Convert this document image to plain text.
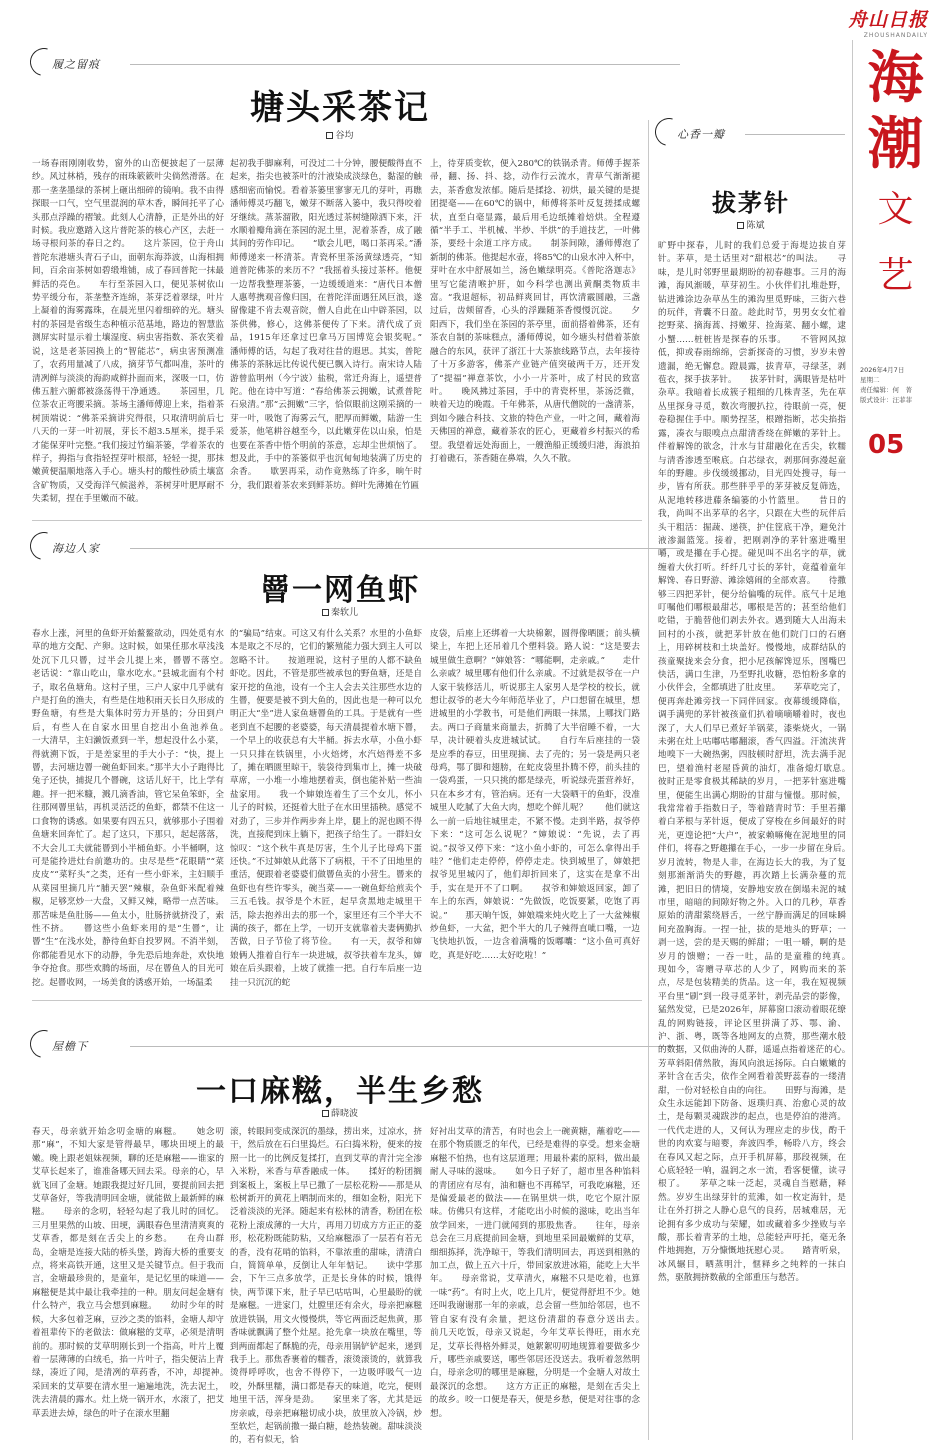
舟山日报
ZHOUSHANDAILY
海
潮
文
艺
2026年4月7日
星期二
责任编辑：何　菁
版式设计：汪菲菲
05
履之留痕
塘头采茶记
谷均
一场春雨刚刚收势，窗外的山峦便披起了一层薄纱。风过林梢，残存的雨珠簌簌叶尖倘然滑落。在那一垄垄墨绿的茶树上砸出细碎的镜响。我不由得探眼一口气，空气里混润的草木香，瞬间托平了心头那点浮躁的褶皱。此刻人心清静，正是外出的好时候。我应邀踏入这片普陀茶的核心产区，去赶一场寻根问茶的春日之约。　　这片茶园，位于舟山普陀东港塘头青石子山，面朝东海莽波，山海相拥间，百余亩茶树如碧缎堆铺，成了春回普陀一抹最鲜活的亮色。　　车行至茶园入口，便见茶树依山势平缓分布，茶垄整齐连绵，茶芽泛着翠绿，叶片上凝着的海雾露珠，在晨光里闪着细碎的光。塘头村的茶园是省级生态种植示范基地，路边的智慧监测屏实时显示着土壤湿度、病虫害指数、茶农笑着说，这是老茶园换上的“智能芯”，病虫害预测准了，农药用量减了八成，摘芽节气都叫准，茶叶的清冽鲜与淡淡的海韵咸鲜扑面而来，深吸一口，仿佛五脏六腑都被涤荡得干净通透。　　茶园里，几位茶农正弯腰采摘。茶场主潘师傅迎上来，指着茶树顶端说：“佛茶采摘讲究得很，只取清明前后七八天的一芽一叶初展，芽长不超3.5厘米，提手采才能保芽叶完整。”我们接过竹编茶篓，学着茶农的样子，拇指与食指轻捏芽叶根部，轻轻一提，那抹嫩黄便温顺地落入手心。塘头村的酸性砂质土壤富含矿物质，又受海洋气候滋养，茶树芽叶肥厚耐不失柔韧，捏在手里嫩而不破。
起初我手脚麻利，可没过二十分钟，腰便酸得直不起来，指尖也被茶叶的汁液染成淡绿色，黏湿的触感细密而愉悦。看着茶篓里寥寥无几的芽叶，再瞧潘师傅灵巧翻飞，嫩芽不断落入篓中，我只得咬着牙继续。蒸茶溜散，阳光透过茶树缝隙洒下来，汗水顺着瓣角滴在茶园的泥土里，泥着茶香，成了融其间的劳作印记。　　“歇会儿吧，喝口茶再采。”潘师傅递来一杯清茶。青瓷杯里茶汤黄绿透亮，“知道普陀佛茶的来历不？”我摇着头接过茶杯。他便一边帮我整理茶篓，一边缓缓道来：“唐代日本僧人惠萼携观音像归国，在普陀洋面遇狂风巨浪，遂留像建不肯去观音院，僧人自此在山中辟茶园，以茶供佛，修心，这佛茶便传了下来。清代成了贡品，1915年还拿过巴拿马万国博览会银奖呢。”　　潘师傅的话，勾起了我对往昔的遐思。其实，普陀佛茶的茶脉远比传说代便已飘入诗行。南宋诗人陆游曾监明州（今宁波）盐税，常迁舟海上，遥望普陀。他在诗中写道：“春给佛茶云拥嫩，试煮普陀石泉清。”那“云拥嫩”三字，恰似眼前这刚采摘的一芽一叶，吸饱了海雾云气，肥厚而鲜嫩，陆游一生爱茶，他笔耕谷越至今，以此嫩芽佐以山泉，怕是也要在茶香中悟个明前的茶意，忘却尘世烦恼了。想及此，手中的茶篓似乎也沉甸甸地装满了历史的余香。　　歇罢再采，动作竟熟练了许多，晌午时分，我们跟着茶农来到鲜茶坊。鲜叶先薄摊在竹匾
上，待芽质变软，便入280℃的铁锅杀青。师傅手握茶帚，翻、扬、抖、捻，动作行云流水，青草气渐渐褪去，茶香愈发浓郁。随后是揉捻、初烘，最关键的是提团提毫——在60℃的锅中，师傅将茶叶反复搓揉成螺状，直至白毫显露，最后用毛边纸摊着焙烘。全程遵循“半手工、半机械、半炒、半烘”的手道技艺，一叶佛茶，要经十余道工序方成。　　制茶间隙，潘师傅泡了新制的佛茶。他提起水壶，将85℃的山泉水冲入杯中，芽叶在水中舒展如兰，汤色嫩绿明亮。《普陀洛迦志》里写它能清喉护肝，如今科学也测出黄酮类物质丰富。“我退超标，初品鲜爽回甘，再饮清霰圆融，三盏过后，齿颊留香，心头的浮躁随茶香慢慢沉淀。　　夕阳西下，我们坐在茶园的茶亭里，面前搭着佛茶，还有茶农自制的茶味糕点，潘师傅说，如今塘头村借着茶旅融合的东风，获评了浙江十大茶旅线路节点，去年接待了十万多游客，佛茶产业链产值突破两千万，还开发了“提福”禅意茶饮，小小一片茶叶，成了村民的致富叶。　　晚风拂过茶园，手中的青瓷杯里，茶汤泛微，映着天边的晚霞。千年佛茶，从唐代僧院的一盏清茶，到如今融合科技、文旅的特色产业，一叶之间，藏着海天佛国的禅意，藏着茶农的匠心，更藏着乡村振兴的希望。我望着远处海面上，一艘渔船正缓缓归港，海浪拍打着礁石，茶香随在鼻端，久久不散。
海边人家
罾一网鱼虾
秦软儿
春水上涨，河里的鱼虾开始鳌鳌欲动，四处觅有水草的地方交配、产卵。这时候，如果任那水草浅浅处沉下几只罾，过半会儿提上来，罾罾不落空。　　老话说：“靠山吃山，靠水吃水。”县城北面有个村子，取名鱼塘角。这村子里，三户人家中几乎就有户是打鱼的渔夫，有些是住地积雨天长日久形成的野鱼塘，有些是大集体时劳力开垦的；分田到户后，有些人在自家水田里自挖出小鱼池养鱼。　　一大清早，主妇濑饭煮到一半，想起没什么小菜，得就溯下饭，于是差家里的手大小子：“快，提上罾，去河塘边罾一碗鱼虾回来。”那半大小子跑得比兔子还快，捕捉几个罾碗，这话儿好干，比上学有趣。抨一把米糠，溅几滴香油，管它呆鱼笨虾，全往那网罾里钻，再机灵活泛的鱼虾，都禁不住这一口食物的诱惑。如果要有四五只，就够那小子围着鱼塘来回奔忙了。起了这只，下那只，起起落落，不大会儿工夫就能罾到小半桶鱼虾。小半桶啊，这可是能拎进灶台前邀功的。虫尽是些“花眼睛”“菜皮皮”“菜籽头”之类，还有一些小虾米，主妇顺手从菜园里摘几片“脯天罢”辣椒，杂鱼虾米配着辣椒，足够烹炒一大盘，又鲜又辣，略带一点苦味。那苦味是鱼肚肠——鱼太小，肚肠挤就挤没了，索性不挤。　　罾这些小鱼虾来用的是“生罾”，让罾“生”在浅水处，静待鱼虾自投罗网。不消半刻，你都能看见水下的动静，争先恐后地奔赴，欢快地争夺抢食。那些欢腾的场面，尽在罾鱼人的目光可挖。起罾收网，一场美食的诱惑开始，一场温柔
的“骗局”结束。可这又有什么关系？水里的小鱼虾本是取之不尽的，它们的繁殖能力强大到主人可以忽略不计。　　按道理说，这村子里的人都不缺鱼虾吃。因此，不管是那些被承包的野鱼塘，还是自家开挖的鱼池，设有一个主人会去关注那些水边的生罾，便要是被不到大鱼的，因此也是一种可以允明正大“坐”进人家鱼塘罾鱼的工具。于是就有一些老到直不起腰的老婆婆，每天清晨提着水塘下罾，一个早上的收获总有大半桶。拆去水草，小鱼小虾一只只排在铁锅里，小火焙烤，水汽焙得差不多了，摊在晒匮里晾干，装袋待到集市上，摊一块破草席，一小堆一小堆地摆着卖，倒也能补贴一些油盐家用。　　我一个婶娘连着生了三个女儿，怀小儿子的时候，还挺着大肚子在水田里插秧。感觉不对劲了，三步并作两步奔上岸，腿上的泥也顾不得洗，直接爬到床上躺下，把孩子给生了。一群妇女惊叹：“这个秋牛真是厉害，生个儿子比母鸡下蛋还快。”不过婶娘从此落下了病根，干不了田地里的重活，便跟着老婆婆们做罾鱼卖的小营生。罾来的鱼虾也有些许零头，碗当菜——一碗鱼虾给煎卖个三五毛钱。叔爷是个木匠，起早贪黑地走城里干活，除去抱养出去的那一个，家里还有三个半大不满的孩子，都在上学，一切开支就靠着夫妻俩勤扒苦做，日子节俭了将节俭。　　有一天，叔爷和婶娘俩人推着自行车一块进城，叔爷扶着车龙头，婶娘在后头跟着，上坡了就推一把。自行车后座一边挂一只沉沉的蛇
皮袋，后座上还绑着一大块棉絮，圆得像晒匮；前头横梁上，车把上还吊着几个塑料袋。路人说：“这是要去城里做生意啊？”婶娘答：“哪能啊，走亲戚。”　　走什么亲戚？城里哪有他们什么亲戚。不过就是叔爷在一户人家干装修活儿，听说那主人家男人是学校的校长，就想让叔爷的老大今年师范毕业了，户口想留在城里，想进城里的小学教书，可是他们两眼一抹黑，上哪找门路去。两口子商量来商量去，折腾了大半宿睡不着，一大早，决计硬着头皮进城试试。　　自行车后座挂的一袋是应季的春豆，田里现摘、去了壳的；另一袋是两只老母鸡，鄂了脚和翅膀，在蛇皮袋里扑腾不停，前头挂的一袋鸡蛋，一只只挑的都是绿壳，听说绿壳蛋营养好，只在本乡才有，管治病。还有一大袋晒干的鱼虾，没准城里人吃腻了大鱼大肉，想吃个鲜儿呢？　　他们就这么一前一后地往城里走，不紧不慢。走到半路，叔爷停下来：“这可怎么说呢？”婶娘说：“先说，去了再说。”叔爷又停下来：“这小鱼小虾的，可怎么拿得出手哇？”他们走走停停，停停走走。快到城里了，婶娘把叔爷见里城闪了，他们却折回来了，这实在是拿不出手，实在是开不了口啊。　　叔爷和婶娘返回家，卸了车上的东西，婶娘说：“先做饭，吃饭要紧，吃饱了再说。”　　那天晌午饭，婶娘端来炖火吃上了一大盆辣椒炒鱼虾，一大盆，把个半大的几子辣得直呲口嘴，一边飞快地扒饭，一边含着满嘴的饭嘟囔：“这小鱼可真好吃，真是好吃……太好吃啦！”
屋檐下
一口麻糍，半生乡愁
薛晓波
春天，母亲就开始念叨金塘的麻糍。　　她念叨那“麻”，不知大家是管得最早，哪块田埂上的最嫩。晚上跟老姐妹视频，聊的还是麻糍——谁家的艾草长起来了，谁准备哪天回去采。母亲的心，早就飞回了金塘。她跟我提过好几回，要提前回去把艾草备好，等我清明回金塘，就能做上最新鲜的麻糍。　　母亲的念叨，轻轻勾起了我儿时的回忆。三月里果然的山坡、田埂，满眼春色里清清爽爽的艾草香，都是刻在舌尖上的乡愁。　　在舟山群岛，金塘是连接大陆的桥头堡，跨海大桥的重要支点，将来高铁开通，这里又是关键节点。但于我而言，金塘最珍贵的，是童年，是记忆里的味道——麻糍便是其中最让我牵挂的一种。朋友问起金塘有什么特产，我立马会想到麻糍。　　幼时少年的时候，大多包着芝麻，豆沙之类的馅料，金塘人却守着祖辈传下的老做法：做麻糍的艾草，必须是清明前的。那时候的艾草明刚长到一个指高，叶片上覆着一层薄薄的白绒毛，掐一片叶子，指尖便沾上青绿，凑近了闻，是清冽的草药香，不冲，却提神。　　采回来的艾草要在清水里一遍遍地洗，洗去泥土，洗去清晨的露水。灶上烧一锅开水，水滚了，把艾草丢进去焯，绿色的叶子在滚水里翻
滚，转眼间变成深沉的墨绿，捞出来，过凉水，挤干，然后放在石臼里捣烂。石臼捣米粉，便来的按照一比一的比例反复揉打，直到艾草的青汁完全渗入米粉，米香与草香融成一体。　　揉好的粉团搁到案板上，案板上早已撒了一层松花粉——那是从松树新开的黄花上晒制而来的，细如金粉，阳光下泛着淡淡的光泽。随起来有松林的清香，粉团在松花粉上滚成薄的一大片，再用刀切成方方正正的菱形，松花粉既能防粘，又给麻糍添了一层若有若无的香，没有花哨的馅料，不靠浓重的甜味，清清白白，简简单单，反倒让人年年惦记。　　读中学那会，下午三点多放学，正是长身体的时候，饿得快，两节课下来，肚子早已咕咕叫，心里最盼的就是麻糍。一进家门，灶膛里还有余火，母亲把麻糍放进铁锅，用文火慢慢烘，等它两面泛起焦黄，那香味就飘满了整个灶屋。抢先拿一块放在嘴里，等到两面都起了酥脆的壳，母亲用锅铲铲起来，递到我手上。那焦香裹着的糯香，滚烫滚烫的，就算我烫得呼呼吹，也舍不得停下，一边吸呼吸气一边咬，外酥里糯，满口都是春天的味道，吃完，便则地里干活，浑身是劲。　　家里来了客，尤其是远房亲戚，母亲把麻糍切成小块，放里放入冷锅，炒至软烂，起锅前撒一撮白糖，趁热装碗。甜味淡淡的，若有似无，恰
好衬出艾草的清苦，有时也会上一碗黄糖，蘸着吃——在那个物质匮乏的年代，已经是难得的享受。想来金塘麻糍不怕热，也有这层道理；用最朴素的原料，做出最耐人寻味的滋味。　　如今日子好了，超市里各种馅料的青团应有尽有，油和糖也不再稀罕，可我吃麻糍，还是偏爱最老的做法——在锅里烘一烘，吃它个原汁原味。仿佛只有这样，才能吃出小时候的滋味，吃出当年放学回来，一进门就闻到的那股焦香。　　往年，母亲总会在三月底提前回金塘，到地里采回最嫩鲜的艾草，细细拣择，洗净晾干，等我们清明回去，再送到相熟的加工点，做上五六十斤，带回家放进冰箱，能吃上大半年。　　母亲常说，艾草清火，麻糍不只是吃着，也算一味“药”。有时上火，吃上几片，便觉得舒坦不少。她还叫我谢谢那一年的亲戚，总会留一些加给邻居，也不管自家有没有余量，把这份清甜的春意分送出去。　　前几天吃饭，母亲又说起，今年艾草长得旺，雨水充足，艾草长得格外鲜灵，她絮絮叨叨地规算着要做多少斤，哪些亲戚要送，哪些邻居还没送去。我听着忽然明白，母亲念叨的哪里是麻糍，分明是一个金塘人对故土最深沉的念想。　　这方方正正的麻糍，是刻在舌尖上的故乡。咬一口便是春天，便是乡愁，便是对往事的念想。
心香一瓣
拔茅针
陈斌
旷野中探春，儿时的我们总爱于海堤边拔自芽针。茅草，是土话里对“甜根芯”的叫法。　　寻味，是儿时邻野里最期盼的初春趣事。三月的海滩，海风渐暖，草芽初生。小伙伴们扎堆赴野，钻进滩涂边杂草丛生的滩沟里觅野味，三街六巷的玩伴，背囊不日盈。趁此时节，男男女女忙着挖野菜、摘海蒿、捋嫩芽、捡海菜、翻小螺，逮小蟹……桩桩皆是探春的乐事。　　不管网风掠低，抑或春雨绵绵，尝新探奇的习惯，岁岁未曾遗漏，绝无懈怠。蹬晨露，拔青草，寻绿茎，剥苞衣，探手拔茅针。　　拔茅针时，满眼皆是枯叶杂草。我暗着长成簇子粗细的几株青茎，先在草丛里探身寻觅，数次弯腰扒拉，待眼前一亮，便卷稳握住手中。顺势捏茎，根蹭指断，芯尖掐指露，凑衣与眼嗅点点甜清香绕在鲜嫩的茅针上。伴着解馋的欲念，汁水与甘甜融化在舌尖，软糯与清香渗透至喉底。白芯绿衣，剥那间弥漫起童年的野趣。步伐缓缓挪动，目光四处搜寻，每一步，皆有所获。那些胖乎乎的茅芽被反复筛选，从泥地转移进藤条编篓的小竹篮里。　　昔日的我，尚叫不出茅草的名字，只跟在大些的玩伴后头干粗活：掘蔬、递筷，护住筐底干净，避免汁液渗漏篮笼。接着，把刚剥净的茅针塞进嘴里嚼，或是攥在手心提。碰见叫不出名字的草，就缠着大伙打听。纤纤几寸长的茅针，竟蕴着童年解馋、春日野游、滩涂嬉闹的全部欢喜。　　待撒够三四把茅针，便分给偏嘴的玩伴。底气十足地叮嘱他们哪根最甜芯，哪根是苦的；甚至给他们吃错，于脆替他们剥去外衣。遇到随大人出海未回村的小孩，就把茅针放在他们院门口的石磨上，用碎树枝和土块盖好。慢慢地，成群结队的孩童聚拢来会分食，把小尼孩解馋逗乐，图嘴巴快活，满口生津，乃至野扎收糖，恐怕粉多拿的小伙伴会，全都填进了肚皮里。　　茅草吃完了，便再奔赴滩旁找一下同伴回家。夜幕缓缓降临，调手满兜的茅针被孩童们扒着嘀嘀嚼着时，夜也深了，大人们早已煮好羊锅菜，漆柴烧火，一锅未粥在灶上咕嘟咕嘟翻滚，香气四溢。汗流浃背地嗅下一大碗热粥，四肢顿时舒坦，洗去满手泥巴，望着渔村老屋昏黄的油灯，准备熄灯歇息。　　彼时正是零食极其稀缺的岁月，一把茅针塞进嘴里，便能生出满心期盼的甘甜与憧憬。那时候，我常常着手指数日子，等着踏青时节：手里若攥着白茅根与茅针返，便成了穿梭在乡间最好的时光，更遑论把“大户”，被家赖嘛俺在泥地里的同伴们，将春之野趣攥在手心，一步一步留在身后。　　岁月流转，物是人非，在海边长大的我，为了复刻那渐渐消失的野趣，再次踏上长满杂蔓的荒滩，把旧日的情境，安静地安放在倒塌未泥的城市里，暗暗的间隙好物之外。入口的几秒，草香原始的清甜萦绕唇舌，一丝宁静而满足的回味瞬间充盈胸海。一捏一扯，拔的是地头的野草；一剥一送，尝的是天赐的鲜甜；一咀一嚼，啊的是岁月的馈赠；一吞一吐，品的是童稚的纯真。　　现如今，寄赠寻草芯的人少了，网购而来的茶点，尽是包装精美的货品。这一年，我在短视频平台里“刷”到一段寻觅茅针，剥壳品尝的影像，猛然发觉，已是2026年，屏幕窗口滚动着眼花缭乱的网购链接，评论区里拼满了苏、鄂、渝、沪、浙、粤，既等各地网友的点赞，那些潮水般的数据，又似曲涛的人群，遥遥点指着迷茫的心。　　芳草斜阳倩然散，海风向浪远扬际。白白嫩嫩的茅针含在舌尖，依作全网看着羡野蕊春的一缕清甜，一份对轻松自由的向往。　　田野与海滩，是众生永远能卸下防备、返璞归真、治愈心灵的故土，是每颗灵魂跋涉的起点，也是停泊的港湾。一代代走进的人，又何认为理应走的步伐，酌千世的肉欢宴与暗婴，奔波四季，畅聆八方，终会在春风又起之际，点开手机屏幕，那段视频，在心底轻轻一响，温润之水一流，看客便懂，读寻根了。　　茅草之味一泛起，灵魂自当慰藉，释然。岁岁生出绿芽针的荒滩，如一枚定海针，是让在外打拼之人静心息气的良药，居城难居，无论拥有多少成功与荣耀，如或藏着多少挫败与辛酸，那长着青茅的土地，总能轻声吁托，毫无条件地拥抱，万分慷慨地抚慰心灵。　　踏青听泉，冰风辗目，晒蒸明汁，惬释乡之纯粹的一抹白然，驱散拥挤数截的全部重压与愁苦。
